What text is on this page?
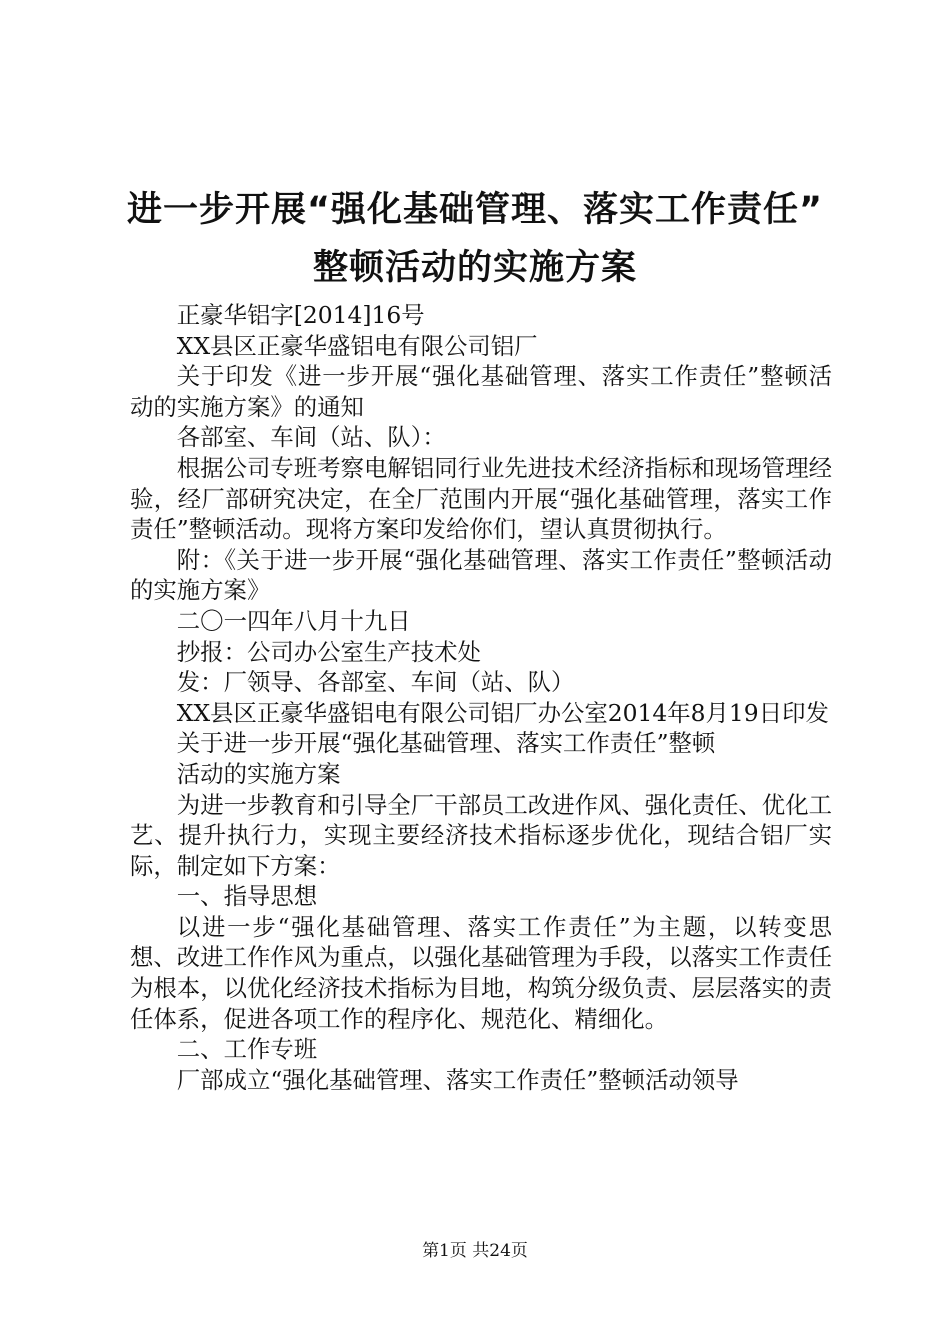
进一步开展“强化基础管理、落实工作责任”
整顿活动的实施方案

正豪华铝字[2014]16号

XX县区正豪华盛铝电有限公司铝厂

关于印发《进一步开展“强化基础管理、落实工作责任”整顿活动的实施方案》的通知

各部室、车间（站、队）：

根据公司专班考察电解铝同行业先进技术经济指标和现场管理经验，经厂部研究决定，在全厂范围内开展“强化基础管理，落实工作责任”整顿活动。现将方案印发给你们，望认真贯彻执行。

附：《关于进一步开展“强化基础管理、落实工作责任”整顿活动的实施方案》

二〇一四年八月十九日

抄报：公司办公室生产技术处

发：厂领导、各部室、车间（站、队）

XX县区正豪华盛铝电有限公司铝厂办公室2014年8月19日印发

关于进一步开展“强化基础管理、落实工作责任”整顿

活动的实施方案

为进一步教育和引导全厂干部员工改进作风、强化责任、优化工艺、提升执行力，实现主要经济技术指标逐步优化，现结合铝厂实际，制定如下方案：

一、指导思想

以进一步“强化基础管理、落实工作责任”为主题，以转变思想、改进工作作风为重点，以强化基础管理为手段，以落实工作责任为根本，以优化经济技术指标为目地，构筑分级负责、层层落实的责任体系，促进各项工作的程序化、规范化、精细化。

二、工作专班

厂部成立“强化基础管理、落实工作责任”整顿活动领导

第1页 共24页
